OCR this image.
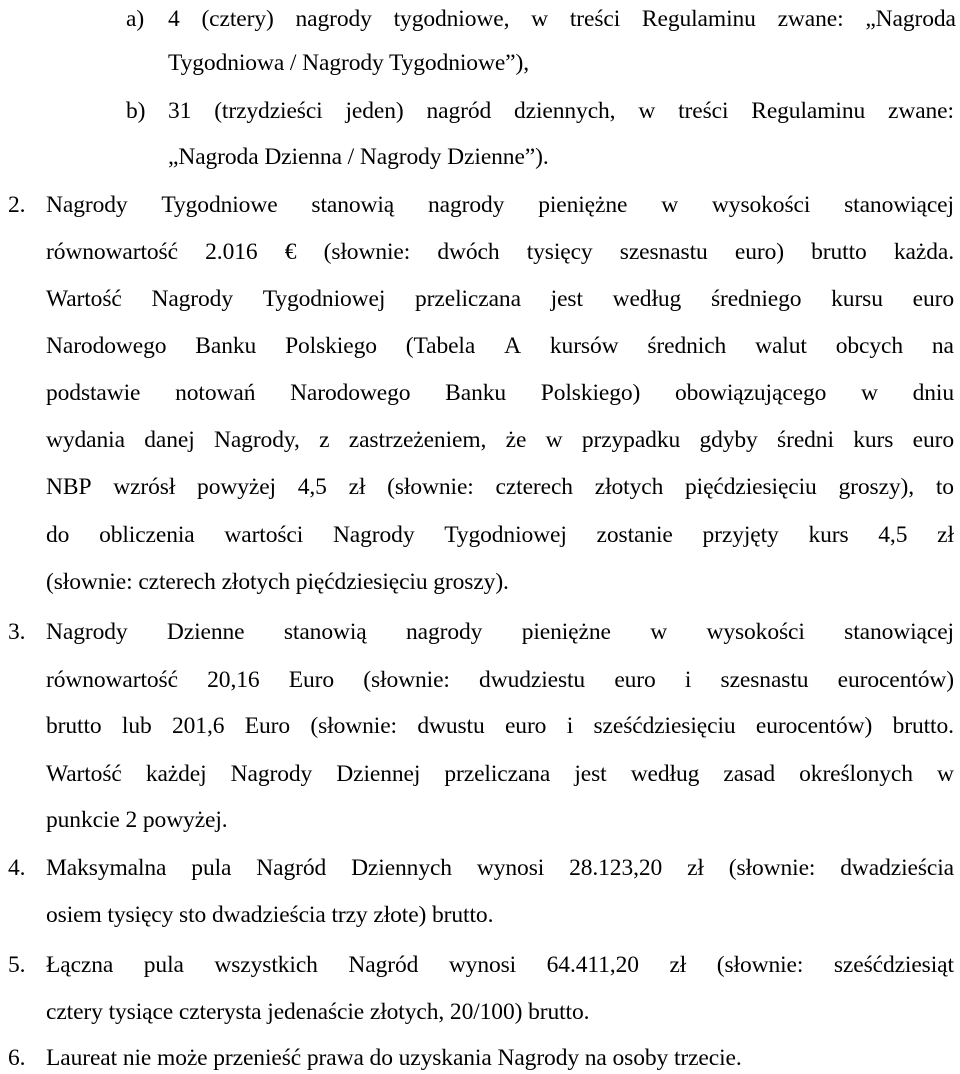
a) 4 (cztery) nagrody tygodniowe, w treści Regulaminu zwane: „Nagroda
Tygodniowa / Nagrody Tygodniowe”),
b) 31 (trzydzieści jeden) nagród dziennych, w treści Regulaminu zwane:
„Nagroda Dzienna / Nagrody Dzienne”).
2. Nagrody Tygodniowe stanowią nagrody pieniężne w wysokości stanowiącej
równowartość 2.016 € (słownie: dwóch tysięcy szesnastu euro) brutto każda.
Wartość Nagrody Tygodniowej przeliczana jest według średniego kursu euro
Narodowego Banku Polskiego (Tabela A kursów średnich walut obcych na
podstawie notowań Narodowego Banku Polskiego) obowiązującego w dniu
wydania danej Nagrody, z zastrzeżeniem, że w przypadku gdyby średni kurs euro
NBP wzrósł powyżej 4,5 zł (słownie: czterech złotych pięćdziesięciu groszy), to
do obliczenia wartości Nagrody Tygodniowej zostanie przyjęty kurs 4,5 zł
(słownie: czterech złotych pięćdziesięciu groszy).
3. Nagrody Dzienne stanowią nagrody pieniężne w wysokości stanowiącej
równowartość 20,16 Euro (słownie: dwudziestu euro i szesnastu eurocentów)
brutto lub 201,6 Euro (słownie: dwustu euro i sześćdziesięciu eurocentów) brutto.
Wartość każdej Nagrody Dziennej przeliczana jest według zasad określonych w
punkcie 2 powyżej.
4. Maksymalna pula Nagród Dziennych wynosi 28.123,20 zł (słownie: dwadzieścia
osiem tysięcy sto dwadzieścia trzy złote) brutto.
5. Łączna pula wszystkich Nagród wynosi 64.411,20 zł (słownie: sześćdziesiąt
cztery tysiące czterysta jedenaście złotych, 20/100) brutto.
6. Laureat nie może przenieść prawa do uzyskania Nagrody na osoby trzecie.
